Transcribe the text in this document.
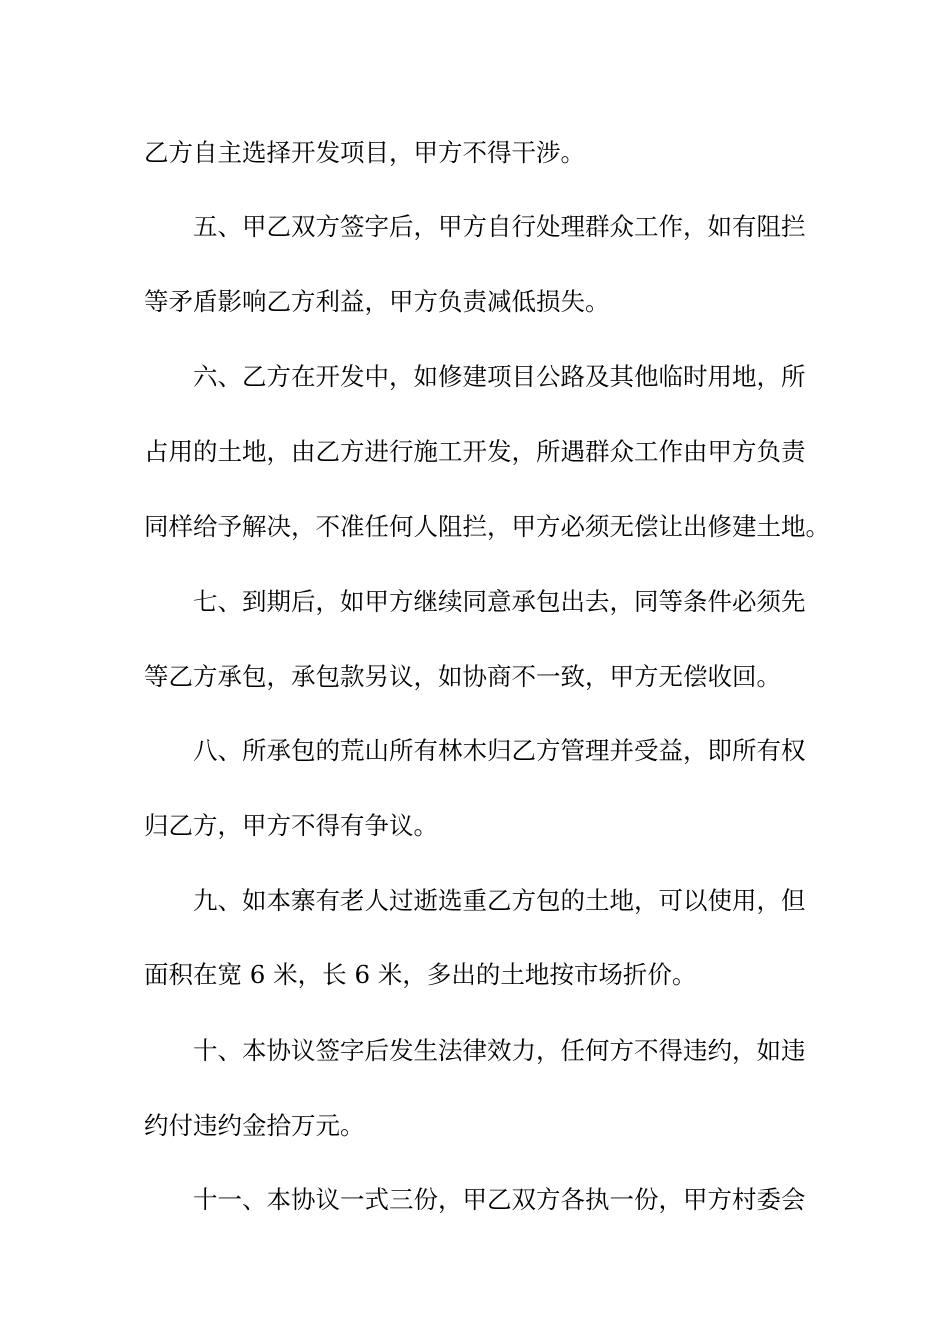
乙方自主选择开发项目，甲方不得干涉。
五、甲乙双方签字后，甲方自行处理群众工作，如有阻拦
等矛盾影响乙方利益，甲方负责减低损失。
六、乙方在开发中，如修建项目公路及其他临时用地，所
占用的土地，由乙方进行施工开发，所遇群众工作由甲方负责
同样给予解决，不准任何人阻拦，甲方必须无偿让出修建土地。
七、到期后，如甲方继续同意承包出去，同等条件必须先
等乙方承包，承包款另议，如协商不一致，甲方无偿收回。
八、所承包的荒山所有林木归乙方管理并受益，即所有权
归乙方，甲方不得有争议。
九、如本寨有老人过逝选重乙方包的土地，可以使用，但
面积在宽 6 米，长 6 米，多出的土地按市场折价。
十、本协议签字后发生法律效力，任何方不得违约，如违
约付违约金拾万元。
十一、本协议一式三份，甲乙双方各执一份，甲方村委会
